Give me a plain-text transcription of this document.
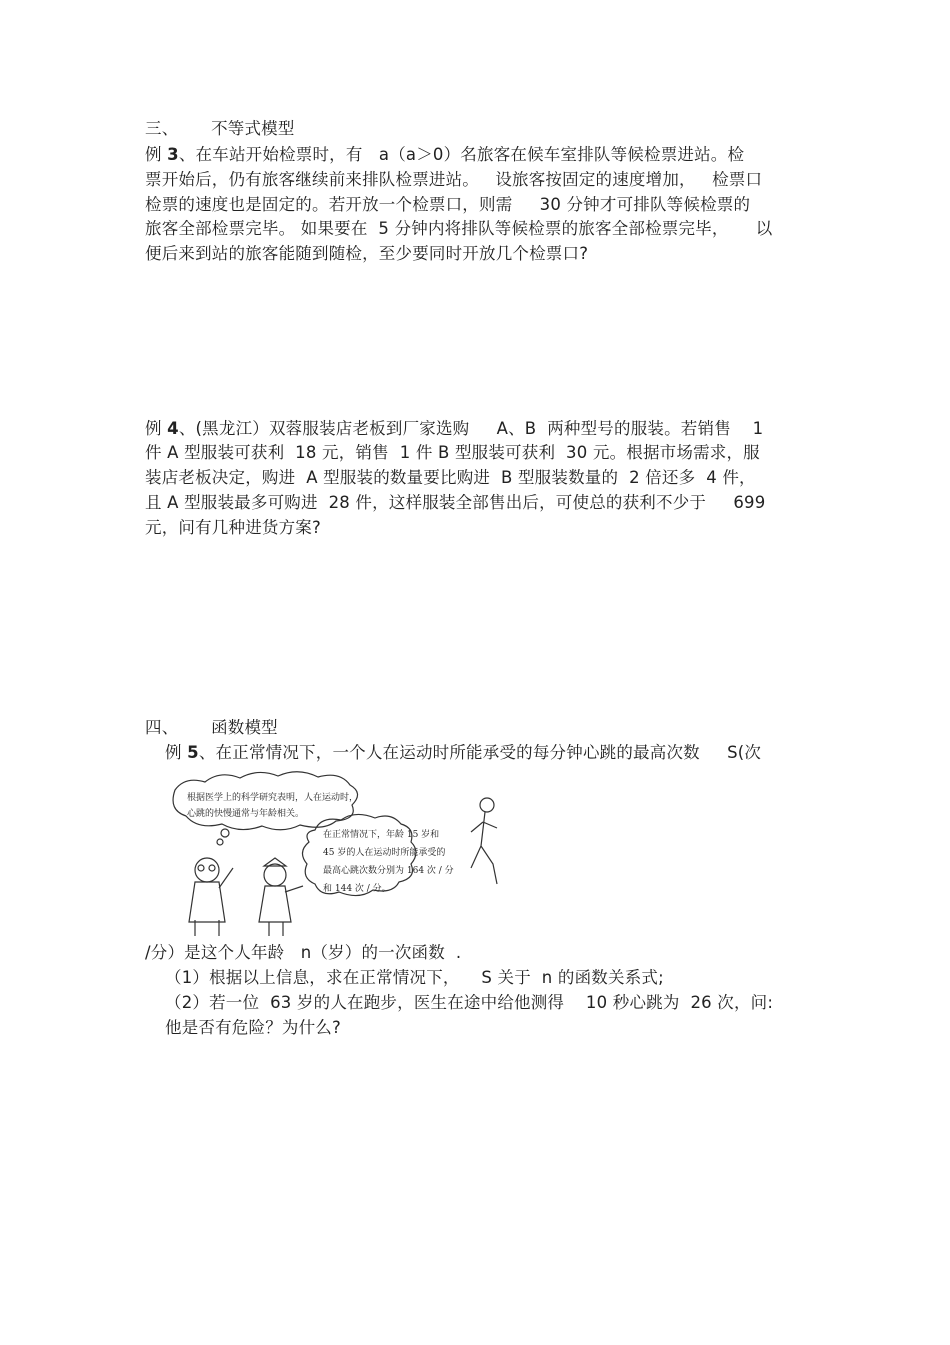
三、      不等式模型
例 3、在车站开始检票时，有   a（a＞0）名旅客在候车室排队等候检票进站。检
票开始后，仍有旅客继续前来排队检票进站。   设旅客按固定的速度增加，   检票口
检票的速度也是固定的。若开放一个检票口，则需     30 分钟才可排队等候检票的
旅客全部检票完毕。 如果要在  5 分钟内将排队等候检票的旅客全部检票完毕，     以
便后来到站的旅客能随到随检，至少要同时开放几个检票口?
例 4、(黑龙江）双蓉服装店老板到厂家选购     A、B  两种型号的服装。若销售    1
件 A 型服装可获利  18 元，销售  1 件 B 型服装可获利  30 元。根据市场需求，服
装店老板决定，购进  A 型服装的数量要比购进  B 型服装数量的  2 倍还多  4 件，
且 A 型服装最多可购进  28 件，这样服装全部售出后，可使总的获利不少于     699
元，问有几种进货方案?
四、      函数模型
例 5、在正常情况下，一个人在运动时所能承受的每分钟心跳的最高次数     S(次
根据医学上的科学研究表明，人在运动时，
心跳的快慢通常与年龄相关。
在正常情况下，年龄 15 岁和
45 岁的人在运动时所能承受的
最高心跳次数分别为 164 次 / 分
和 144 次 / 分。
/分）是这个人年龄   n（岁）的一次函数  .
（1）根据以上信息，求在正常情况下，    S 关于  n 的函数关系式;
（2）若一位  63 岁的人在跑步，医生在途中给他测得    10 秒心跳为  26 次，问:
他是否有危险？为什么?
